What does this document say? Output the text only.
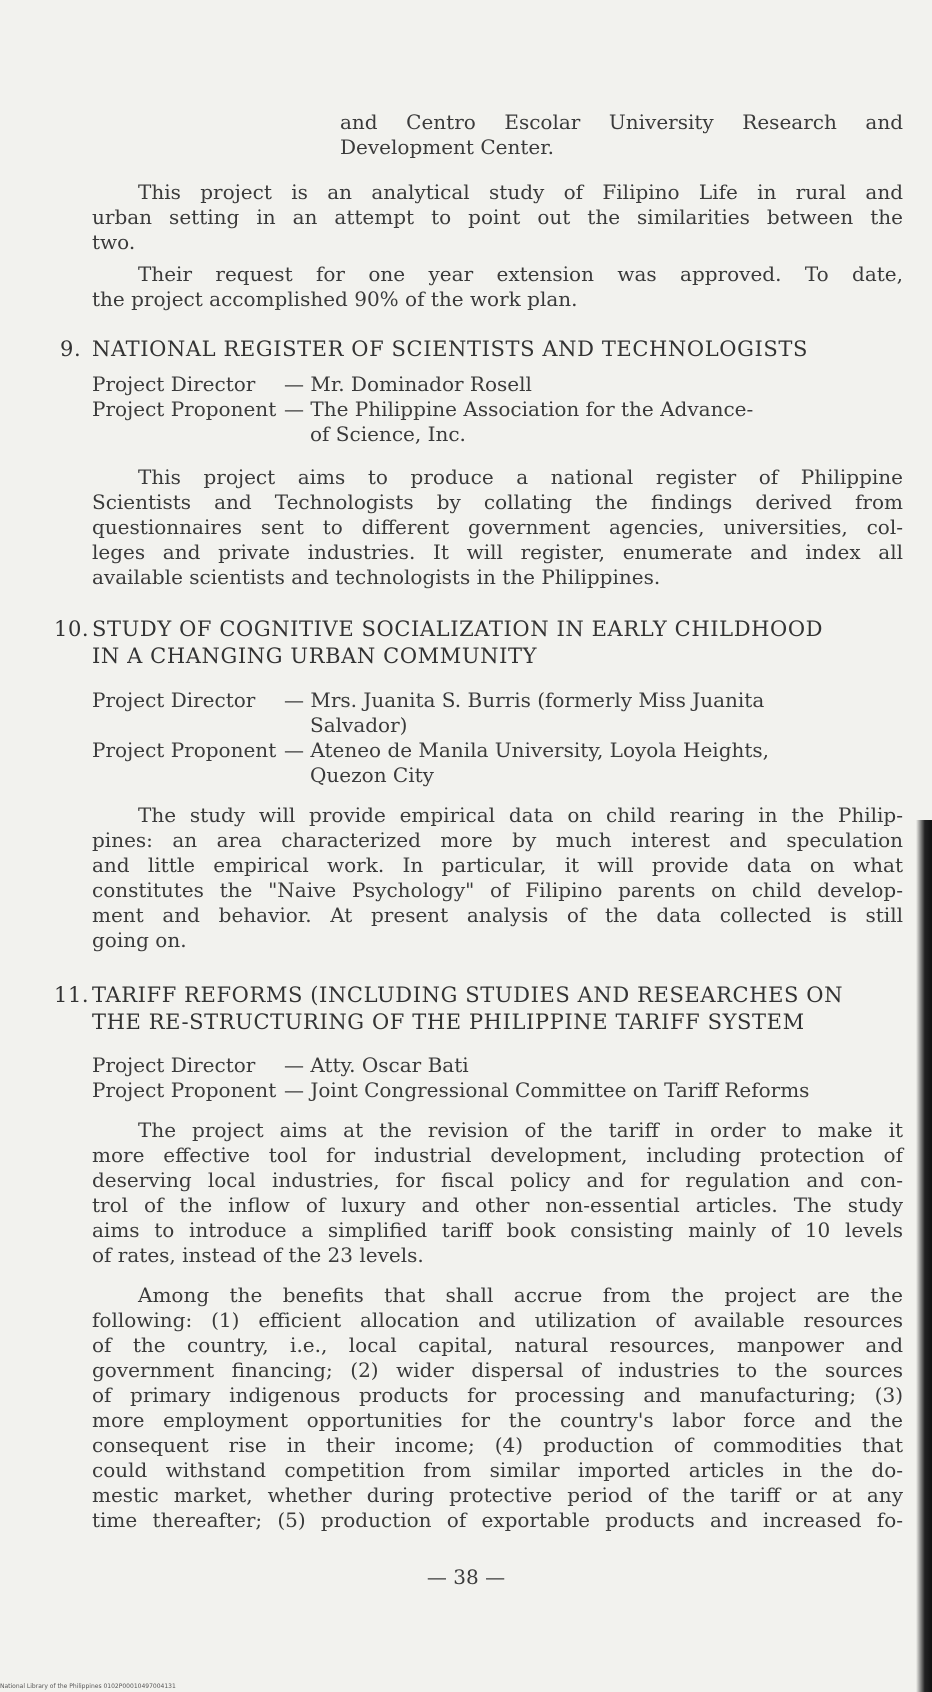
and Centro Escolar University Research and
Development Center.
This project is an analytical study of Filipino Life in rural and
urban setting in an attempt to point out the similarities between the
two.
Their request for one year extension was approved. To date,
the project accomplished 90% of the work plan.
9. NATIONAL REGISTER OF SCIENTISTS AND TECHNOLOGISTS
Project Director — Mr. Dominador Rosell
Project Proponent — The Philippine Association for the Advance-
of Science, Inc.
This project aims to produce a national register of Philippine
Scientists and Technologists by collating the findings derived from
questionnaires sent to different government agencies, universities, col-
leges and private industries. It will register, enumerate and index all
available scientists and technologists in the Philippines.
10. STUDY OF COGNITIVE SOCIALIZATION IN EARLY CHILDHOOD
IN A CHANGING URBAN COMMUNITY
Project Director — Mrs. Juanita S. Burris (formerly Miss Juanita
Salvador)
Project Proponent — Ateneo de Manila University, Loyola Heights,
Quezon City
The study will provide empirical data on child rearing in the Philip-
pines: an area characterized more by much interest and speculation
and little empirical work. In particular, it will provide data on what
constitutes the "Naive Psychology" of Filipino parents on child develop-
ment and behavior. At present analysis of the data collected is still
going on.
11. TARIFF REFORMS (INCLUDING STUDIES AND RESEARCHES ON
THE RE-STRUCTURING OF THE PHILIPPINE TARIFF SYSTEM
Project Director — Atty. Oscar Bati
Project Proponent — Joint Congressional Committee on Tariff Reforms
The project aims at the revision of the tariff in order to make it
more effective tool for industrial development, including protection of
deserving local industries, for fiscal policy and for regulation and con-
trol of the inflow of luxury and other non-essential articles. The study
aims to introduce a simplified tariff book consisting mainly of 10 levels
of rates, instead of the 23 levels.
Among the benefits that shall accrue from the project are the
following: (1) efficient allocation and utilization of available resources
of the country, i.e., local capital, natural resources, manpower and
government financing; (2) wider dispersal of industries to the sources
of primary indigenous products for processing and manufacturing; (3)
more employment opportunities for the country's labor force and the
consequent rise in their income; (4) production of commodities that
could withstand competition from similar imported articles in the do-
mestic market, whether during protective period of the tariff or at any
time thereafter; (5) production of exportable products and increased fo-
— 38 —
National Library of the Philippines 0102P00010497004131
